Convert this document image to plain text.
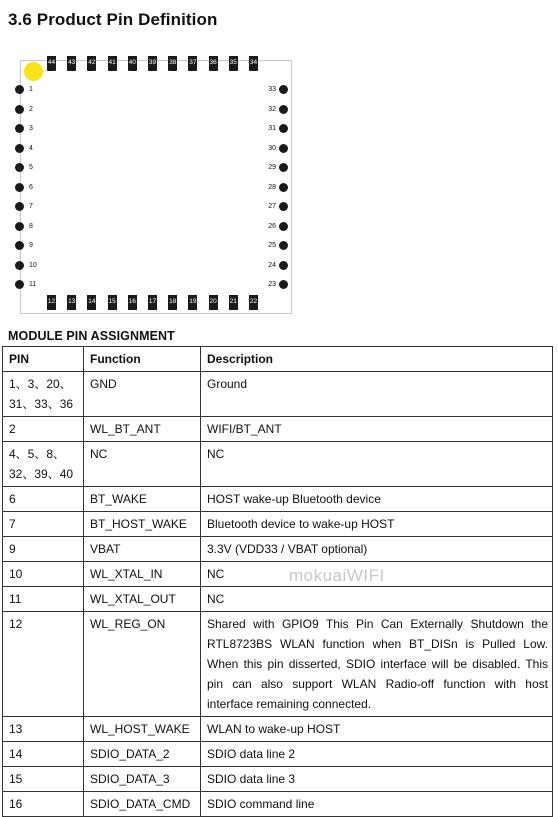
3.6 Product Pin Definition
44 43 42 41 40 39 38 37 36 35 34
1
2
3
4
5
6
7
8
9
10
11
33
32
31
30
29
28
27
26
25
24
23
12 13 14 15 16 17 18 19 20 21 22
MODULE PIN ASSIGNMENT
PIN	Function	Description
1、3、20、31、33、36	GND	Ground
2	WL_BT_ANT	WIFI/BT_ANT
4、5、8、32、39、40	NC	NC
6	BT_WAKE	HOST wake-up Bluetooth device
7	BT_HOST_WAKE	Bluetooth device to wake-up HOST
9	VBAT	3.3V (VDD33 / VBAT optional)
10	WL_XTAL_IN	NC
11	WL_XTAL_OUT	NC
12	WL_REG_ON	Shared with GPIO9 This Pin Can Externally Shutdown the RTL8723BS WLAN function when BT_DISn is Pulled Low. When this pin disserted, SDIO interface will be disabled. This pin can also support WLAN Radio-off function with host interface remaining connected.
13	WL_HOST_WAKE	WLAN to wake-up HOST
14	SDIO_DATA_2	SDIO data line 2
15	SDIO_DATA_3	SDIO data line 3
16	SDIO_DATA_CMD	SDIO command line
mokuaiWIFI
